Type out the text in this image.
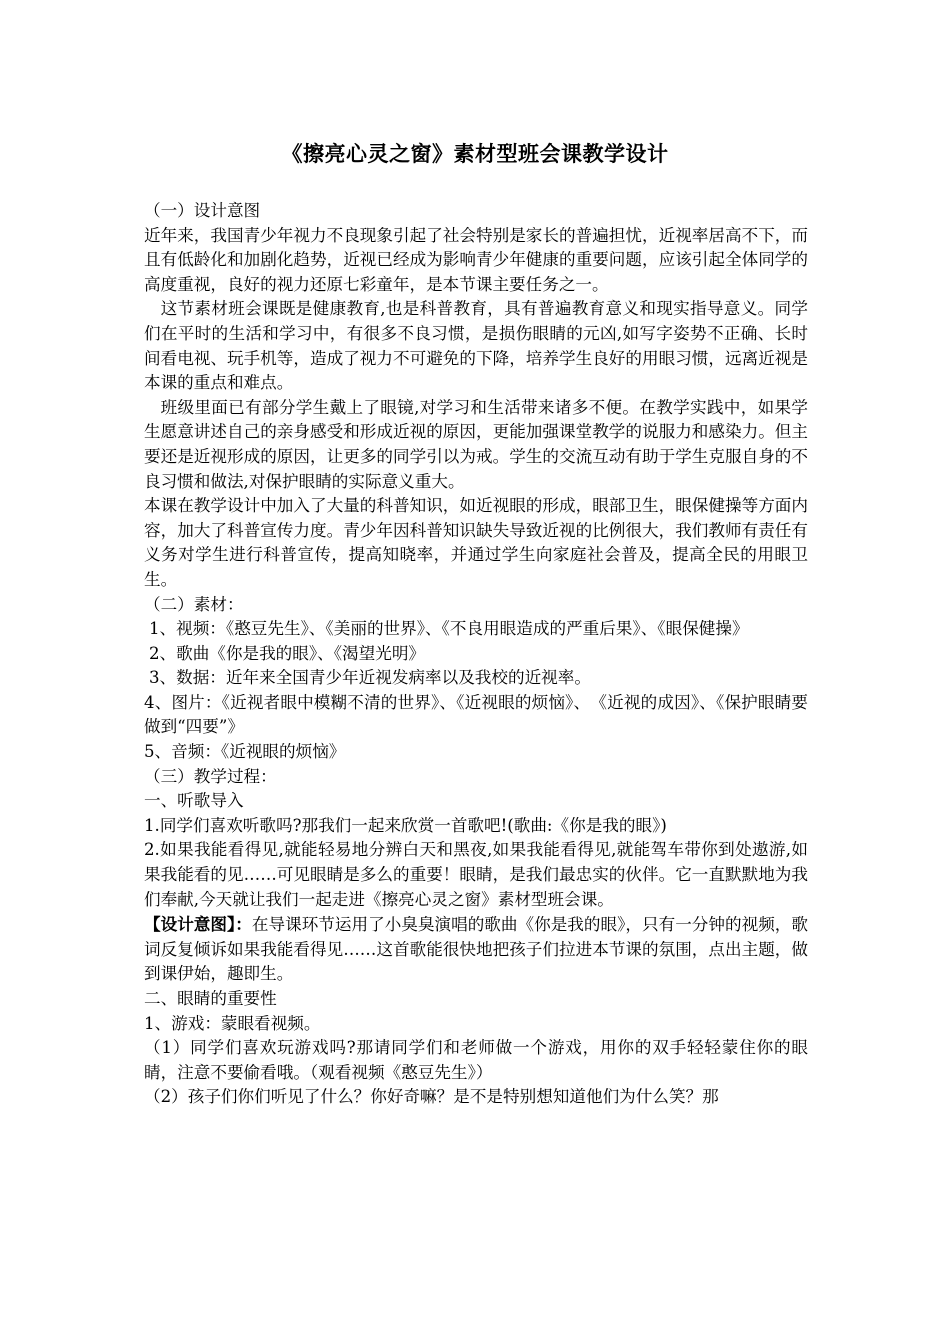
《擦亮心灵之窗》素材型班会课教学设计

（一）设计意图

近年来，我国青少年视力不良现象引起了社会特别是家长的普遍担忧，近视率居高不下，而且有低龄化和加剧化趋势，近视已经成为影响青少年健康的重要问题，应该引起全体同学的高度重视，良好的视力还原七彩童年，是本节课主要任务之一。

这节素材班会课既是健康教育,也是科普教育，具有普遍教育意义和现实指导意义。同学们在平时的生活和学习中，有很多不良习惯，是损伤眼睛的元凶,如写字姿势不正确、长时间看电视、玩手机等，造成了视力不可避免的下降，培养学生良好的用眼习惯，远离近视是本课的重点和难点。

班级里面已有部分学生戴上了眼镜,对学习和生活带来诸多不便。在教学实践中，如果学生愿意讲述自己的亲身感受和形成近视的原因，更能加强课堂教学的说服力和感染力。但主要还是近视形成的原因，让更多的同学引以为戒。学生的交流互动有助于学生克服自身的不良习惯和做法,对保护眼睛的实际意义重大。

本课在教学设计中加入了大量的科普知识，如近视眼的形成，眼部卫生，眼保健操等方面内容，加大了科普宣传力度。青少年因科普知识缺失导致近视的比例很大，我们教师有责任有义务对学生进行科普宣传，提高知晓率，并通过学生向家庭社会普及，提高全民的用眼卫生。

（二）素材：

1、视频：《憨豆先生》、《美丽的世界》、《不良用眼造成的严重后果》、《眼保健操》

2、歌曲《你是我的眼》、《渴望光明》

3、数据：近年来全国青少年近视发病率以及我校的近视率。

4、图片：《近视者眼中模糊不清的世界》、《近视眼的烦恼》、　《近视的成因》、《保护眼睛要做到“四要”》

5、音频：《近视眼的烦恼》

（三）教学过程：

一、听歌导入

1.同学们喜欢听歌吗?那我们一起来欣赏一首歌吧!(歌曲:《你是我的眼》)

2.如果我能看得见,就能轻易地分辨白天和黑夜,如果我能看得见,就能驾车带你到处遨游,如果我能看的见……可见眼睛是多么的重要！眼睛，是我们最忠实的伙伴。它一直默默地为我们奉献,今天就让我们一起走进《擦亮心灵之窗》素材型班会课。

【设计意图】：在导课环节运用了小臭臭演唱的歌曲《你是我的眼》，只有一分钟的视频，歌词反复倾诉如果我能看得见……这首歌能很快地把孩子们拉进本节课的氛围，点出主题，做到课伊始，趣即生。

二、眼睛的重要性

1、游戏：蒙眼看视频。

（1）同学们喜欢玩游戏吗?那请同学们和老师做一个游戏，用你的双手轻轻蒙住你的眼睛，注意不要偷看哦。（观看视频《憨豆先生》）

（2）孩子们你们听见了什么？你好奇嘛？是不是特别想知道他们为什么笑？那
